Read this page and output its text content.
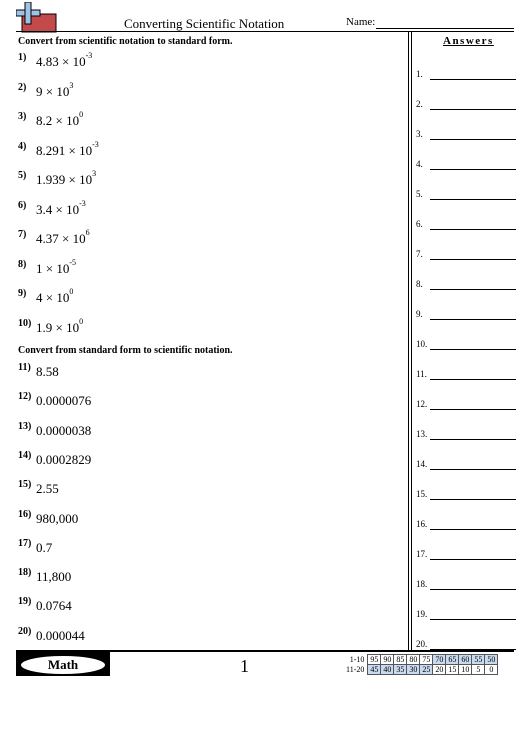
Converting Scientific Notation	Name:
Convert from scientific notation to standard form.
1) $4.83 \times 10^{-3}$
2) $9 \times 10^3$
3) $8.2 \times 10^0$
4) $8.291 \times 10^{-3}$
5) $1.939 \times 10^3$
6) $3.4 \times 10^{-3}$
7) $4.37 \times 10^6$
8) $1 \times 10^{-5}$
9) $4 \times 10^0$
10) $1.9 \times 10^0$
Convert from standard form to scientific notation.
11) 8.58
12) 0.0000076
13) 0.0000038
14) 0.0002829
15) 2.55
16) 980,000
17) 0.7
18) 11,800
19) 0.0764
20) 0.000044
Answers
1.
2.
3.
4.
5.
6.
7.
8.
9.
10.
11.
12.
13.
14.
15.
16.
17.
18.
19.
20.
Math	1	1-10	95	90	85	80	75	70	65	60	55	50
11-20	45	40	35	30	25	20	15	10	5	0
